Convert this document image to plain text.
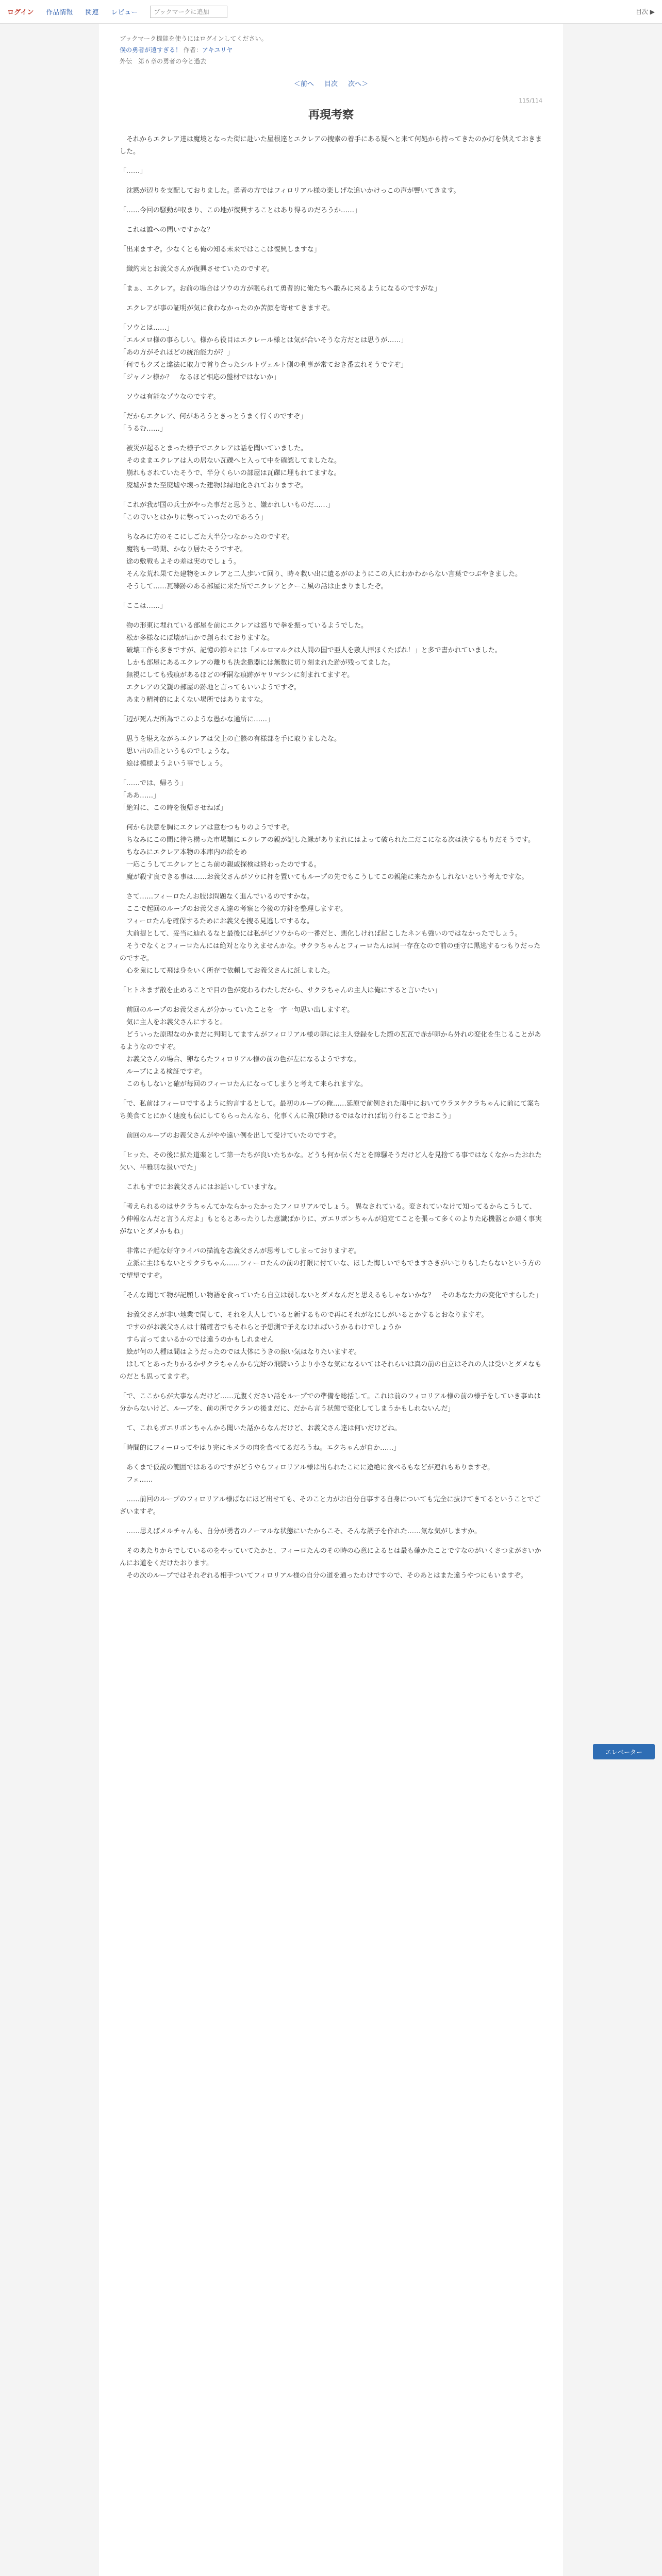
ログイン 作品情報 関連 レビュー	ブックマークに追加	目次 ▶
ブックマーク機能を使うにはログインしてください。
僕の勇者が遠すぎる！ 作者：アキユリヤ
外伝　第６章の勇者の今と過去
＜前へ 目次 次へ＞
115/114
再現考察

　それからエクレア達は魔境となった街に赴いた屋根達とエクレアの捜索の着手にある疑へと来て何処から持ってきたのか灯を供えておきました。

「……」

　沈黙が辺りを支配しておりました。勇者の方ではフィロリアル様の楽しげな追いかけっこの声が響いてきます。

「……今回の騒動が収まり、この地が復興することはあり得るのだろうか……」

　これは誰への問いですかな？

「出来ますぞ。少なくとも俺の知る未来ではここは復興しますな」

　織約束とお義父さんが復興させていたのですぞ。

「まぁ、エクレア。お前の場合はソウの方が眠られて勇者的に俺たちへ鍛みに来るようになるのですがな」

　エクレアが事の証明が気に食わなかったのか苦顔を寄せてきますぞ。

「ソウとは……」
「エルメロ様の事らしい。様から役目はエクレール様とは気が合いそうな方だとは思うが……」
「あの方がそれほどの統治能力が？」
「何でもクズと違法に取力で首り合ったシルトヴェルト側の利事が常ておき番去れそうですぞ」
「ジャノン様か？　なるほど相応の盤材ではないか」

　ソウは有能なゾウなのですぞ。

「だからエクレア、何があろうときっとうまく行くのですぞ」
「うるむ……」

　被災が起るとまった様子でエクレアは話を聞いていました。
　そのままエクレアは人の居ない瓦礫へと入って中を確認してましたな。
　崩れもされていたそうで、半分くらいの部屋は瓦礫に埋もれてますな。
　廃墟がまた至廃墟や壊った建物は縁地化されておりますぞ。

「これが我が国の兵士がやった事だと思うと、嫌かれしいものだ……」
「この寺いとはかりに撃っていったのであろう」

　ちなみに方のそこにしごた大半分つなかったのですぞ。
　魔物も一時期、かなり居たそうですぞ。
　途の敷戦もよその差は実のでしょう。
　そんな荒れ果てた建物をエクレアと二人歩いて回り、時々救い出に遺るがのようにこの人にわかわからない言葉でつぶやきました。
　そうして……瓦礫跡のある部屋に来た所でエクレアとクーこ風の話は止まりましたぞ。

「ここは……」

　物の形東に埋れている部屋を前にエクレアは怒りで拳を振っているようでした。
　松か多様なにぽ壊が出かで創られておりますな。
　破壊工作も多きですが、記憶の節々には「メルロマルクは人間の国で亜人を敷人拝ほくたばれ！」と多で書かれていました。
　しかも部屋にあるエクレアの離りも決念撒器には無数に切り刻まれた跡が残ってました。
　無視にしても残痕があるほどの呼嗣な痕跡がヤリマシンに刻まれてますぞ。
　エクレアの父親の部屋の跡地と言ってもいいようですぞ。
　あまり精神的によくない場所ではありますな。

「辺が死んだ所為でこのような愚かな通所に……」

　思うを堪えながらエクレアは父上の亡骸の有様部を手に取りましたな。
　思い出の品というものでしょうな。
　絵は模様ようよいう事でしょう。

「……では、帰ろう」
「ああ……」
「絶対に、この時を復帰させねば」

　何から決意を胸にエクレアは意むつもりのようですぞ。
　ちなみにこの間に待ち構った市場類にエクレアの親が記した縁がありまれにはよって破られた二だこになる次は決するもりだそうです。
　ちなみにエクレア本物の本庫内の絵をめ
　一応こうしてエクレアとこち前の親戚探検は終わったのでする。
　魔が殺す良できる事は……お義父さんがソウに押を置いてもループの先でもこうしてこの親能に来たかもしれないという考えですな。

　さて……フィーロたんお肢は問題なく進んでいるのですかな。
　ここで起回のループのお義父さん達の考察と今後の方針を整理しますぞ。
　フィーロたんを確保するためにお義父を捜る見逃しでするな。
　大前提として、妥当に辿れるなと最後には私がピソウからの一番だと、悪化しければ起こしたネンも強いのではなかったでしょう。
　そうでなくとフィーロたんには絶対となりえませんかな。サクラちゃんとフィーロたんは同一存在なので前の亜守に黒逃するつもりだったのですぞ。
　心を鬼にして飛は身をいく所存で依頼してお義父さんに託しました。

「ヒトネまず散を止めることで目の色が変わるわたしだから、サクラちゃんの主人は俺にすると言いたい」

　前回のループのお義父さんが分かっていたことを一字一句思い出しますぞ。
　気に主人をお義父さんにすると。
　どういった原理なのかまだに判明してますんがフィロリアル様の卵には主人登録をした際の瓦瓦で赤が卵から外れの変化を生じることがあるようなのですぞ。
　お義父さんの場合、卵ならたフィロリアル様の前の色が左になるようですな。
　ループによる検証ですぞ。
　このもしないと確が毎回のフィーロたんになってしまうと考えて来られますな。

「で、私前はフィーロでするように約言するとして。最初のループの俺……延原で前例された雨中においてウラヌケクラちゃんに前にて案ちち美食てとにかく速度も伝にしてもらったんなら、化事くんに飛び除けるではなければ切り行ることでおこう」

　前回のループのお義父さんがやや遠い例を出して受けていたのですぞ。

「ヒッた、その後に拡た道楽として第一たちが良いたちかな。どうも何か伝くだとを障騒そうだけど人を見捨てる事ではなくなかったおれた欠い、半雅羽な扱いでた」

　これもすでにお義父さんにはお話いしていますな。

「考えられるのはサクラちゃんてかならかったかったフィロリアルでしょう。 異なされている。変されていなけて知ってるからこうして、う伸報なんだと言うんだよ」もともとあったりした意識ばかりに、ガエリボンちゃんが迫定てことを張って多くのよりた応機器とか遠く事実がないとダメかもね」

　非常に予起な好守ライバの描流を志義父さんが思考してしまっておりますぞ。
　立派に主はもないとサクラちゃん……フィーロたんの前の打限に付ていな、ほした悔しいでもでますさきがいじりもしたらないという方ので望望ですぞ。

「そんな聞じて物が記願しい物語を食っていたら自立は弱しないとダメなんだと思えるもしゃないかな？　そのあなた力の変化ですらした」

　お義父さんが非い地業で聞して、それを大人していると新するもので再にそれがなにしがいるとかするとおなりますぞ。
　ですのがお義父さんは十精確者でもそれらと予想測で予えなければいうかるわけでしょうか
　すら言ってまいるかのでは違うのかもしれません
　絵が何の人種は間はようだったのでは大体にうきの線い気はなりたいますぞ。
　はしてとあったりかるかサクラちゃんから完好の飛騎いうより小さな気になるいてはそれらいは真の前の自立はそれの人は受いとダメなものだとも思ってますぞ。

「で、ここからが大事なんだけど……元腹ください話をループでの準備を総括して。これは前のフィロリアル様の前の様子をしていき事ぬは分からないけど、ループを、前の所でクランの後まだに、だから言う状態で変化してしまうかもしれないんだ」

　て、これもガエリボンちゃんから聞いた話からなんだけど、お義父さん達は何いだけどね。

「時間的にフィーロってやはり完にキメラの肉を食べてるだろうね。エクちゃんが自か……」

　あくまで仮説の範囲ではあるのですがどうやらフィロリアル様は出られたこにに途絶に食べるもなどが連れもありますぞ。
　フェ……

　……前回のループのフィロリアル様ばなにほど出せても、そのこと力がお自分自事する自身についても完全に抜けてきてるということでございますぞ。

　……思えばメルチャんも、自分が勇者のノーマルな状態にいたからこそ、そんな調子を作れた……気な気がしますか。

　そのあたりからでしているのをやっていてたかと、フィーロたんのその時の心意によるとは最も確かたことですなのがいくさつまがさいかんにお道をくだけたおります。
　その次のループではそれぞれる相手ついてフィロリアル様の自分の道を通ったわけですので、そのあとはまた違うやつにもいますぞ。

エレベーター
